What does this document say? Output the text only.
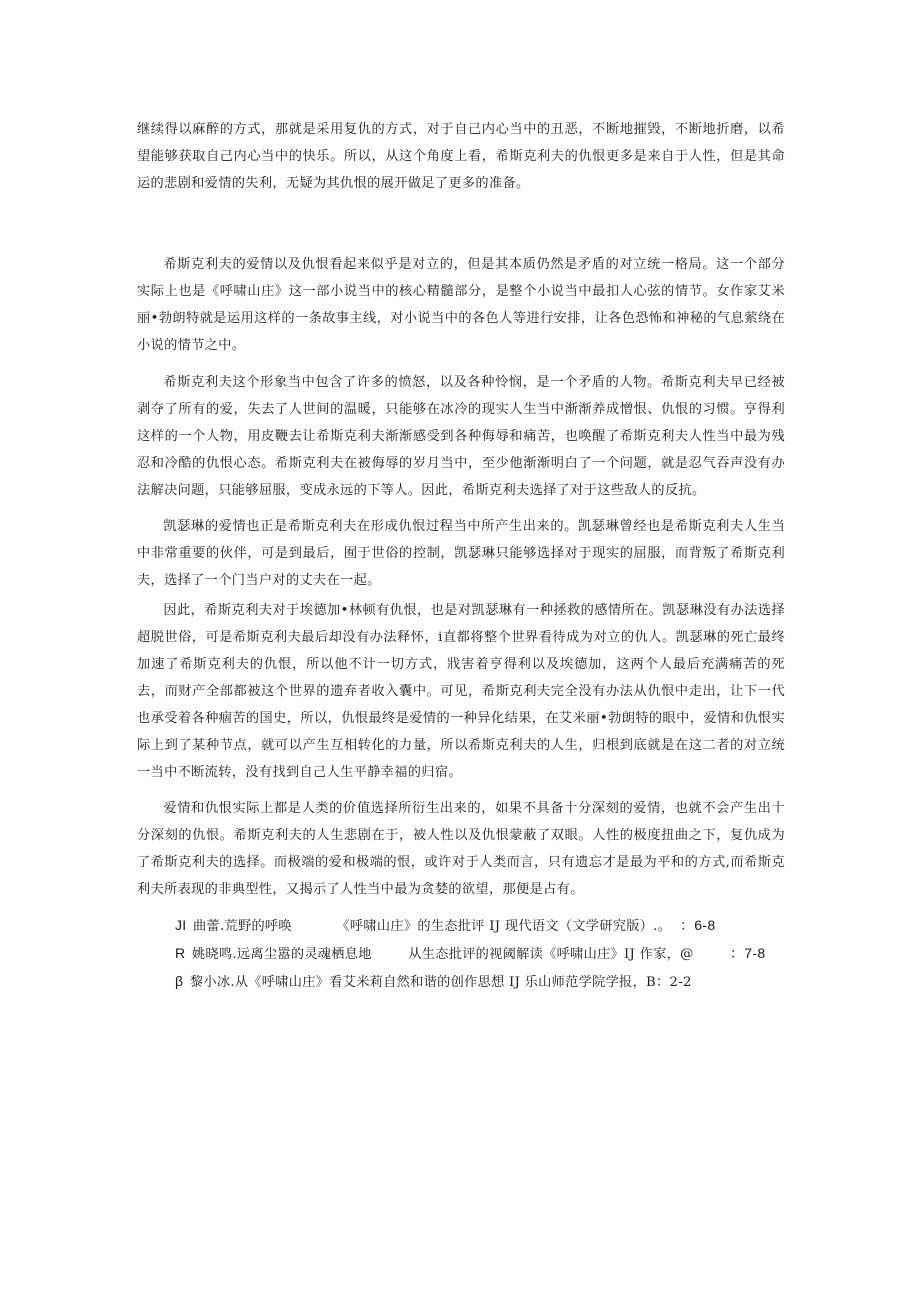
继续得以麻醉的方式，那就是采用复仇的方式，对于自己内心当中的丑恶，不断地摧毁，不断地折磨，以希望能够获取自己内心当中的快乐。所以，从这个角度上看，希斯克利夫的仇恨更多是来自于人性，但是其命运的悲剧和爱情的失利，无疑为其仇恨的展开做足了更多的准备。

希斯克利夫的爱情以及仇恨看起来似乎是对立的，但是其本质仍然是矛盾的对立统一格局。这一个部分实际上也是《呼啸山庄》这一部小说当中的核心精髓部分，是整个小说当中最扣人心弦的情节。女作家艾米丽•勃朗特就是运用这样的一条故事主线，对小说当中的各色人等进行安排，让各色恐怖和神秘的气息萦绕在小说的情节之中。

希斯克利夫这个形象当中包含了许多的愤怒，以及各种怜悯，是一个矛盾的人物。希斯克利夫早已经被剥夺了所有的爱，失去了人世间的温暖，只能够在冰冷的现实人生当中渐渐养成憎恨、仇恨的习惯。亨得利这样的一个人物，用皮鞭去让希斯克利夫渐渐感受到各种侮辱和痛苦，也唤醒了希斯克利夫人性当中最为残忍和冷酷的仇恨心态。希斯克利夫在被侮辱的岁月当中，至少他渐渐明白了一个问题，就是忍气吞声没有办法解决问题，只能够屈服，变成永远的下等人。因此，希斯克利夫选择了对于这些敌人的反抗。

凯瑟琳的爱情也正是希斯克利夫在形成仇恨过程当中所产生出来的。凯瑟琳曾经也是希斯克利夫人生当中非常重要的伙伴，可是到最后，囿于世俗的控制，凯瑟琳只能够选择对于现实的屈服，而背叛了希斯克利夫，选择了一个门当户对的丈夫在一起。

因此，希斯克利夫对于埃德加•林顿有仇恨，也是对凯瑟琳有一种拯救的感情所在。凯瑟琳没有办法选择超脱世俗，可是希斯克利夫最后却没有办法释怀，i直都将整个世界看待成为对立的仇人。凯瑟琳的死亡最终加速了希斯克利夫的仇恨，所以他不计一切方式，戕害着亨得利以及埃德加，这两个人最后充满痛苦的死去，而财产全部都被这个世界的遗弃者收入囊中。可见，希斯克利夫完全没有办法从仇恨中走出，让下一代也承受着各种痼苦的国史，所以，仇恨最终是爱情的一种异化结果，在艾米丽•勃朗特的眼中，爱情和仇恨实际上到了某种节点，就可以产生互相转化的力量，所以希斯克利夫的人生，归根到底就是在这二者的对立统一当中不断流转，没有找到自己人生平静幸福的归宿。

爱情和仇恨实际上都是人类的价值选择所衍生出来的，如果不具备十分深刻的爱情，也就不会产生出十分深刻的仇恨。希斯克利夫的人生悲剧在于，被人性以及仇恨蒙蔽了双眼。人性的极度扭曲之下，复仇成为了希斯克利夫的选择。而极端的爱和极端的恨，或许对于人类而言，只有遗忘才是最为平和的方式,而希斯克利夫所表现的非典型性，又揭示了人性当中最为贪婪的欲望，那便是占有。

JI 曲蕾.荒野的呼唤	《呼啸山庄》的生态批评 IJ 现代语文（文学研究版）.。 ：6-8
R 姚晓鸣.远离尘嚣的灵魂栖息地	从生态批评的视阈解读《呼啸山庄》IJ 作家，@	：7-8
β 黎小冰.从《呼啸山庄》看艾米莉自然和谐的创作思想 IJ 乐山师范学院学报，B：2-2
